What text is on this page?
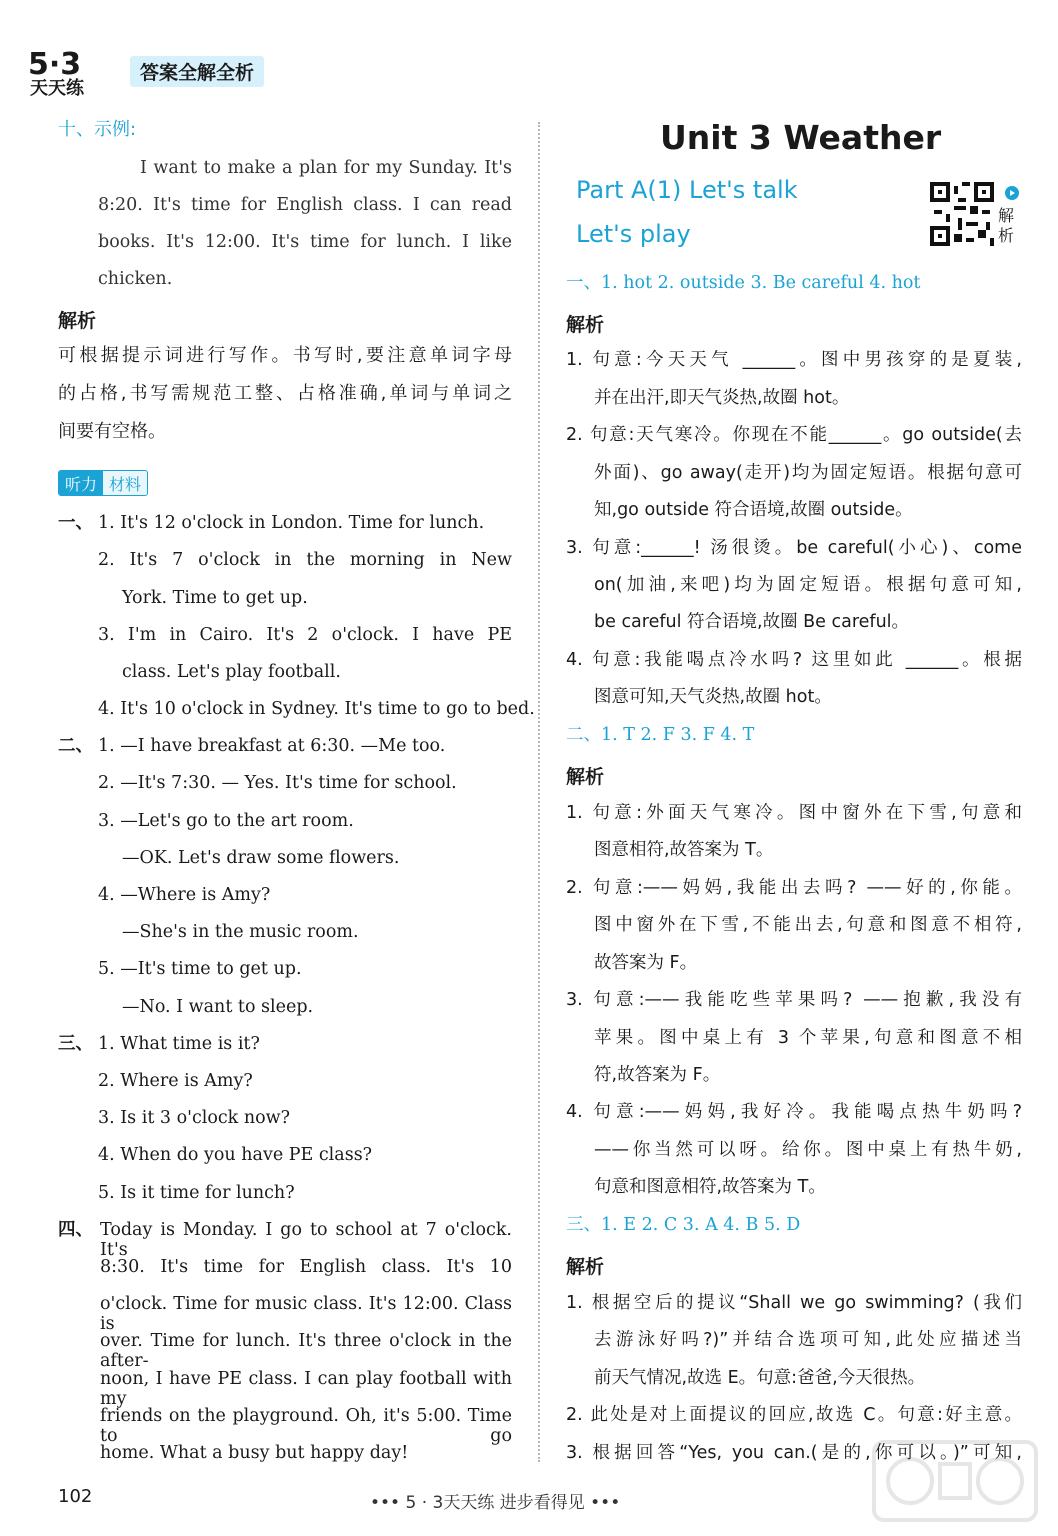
5·3
天天练
答案全解全析
十、示例:
I want to make a plan for my Sunday. It's
8:20. It's time for English class. I can read
books. It's 12:00. It's time for lunch. I like
chicken.
解析
可根据提示词进行写作。书写时,要注意单词字母
的占格,书写需规范工整、占格准确,单词与单词之
间要有空格。
听力 材料
一、 1. It's 12 o'clock in London. Time for lunch.
2. It's 7 o'clock in the morning in New
York. Time to get up.
3. I'm in Cairo. It's 2 o'clock. I have PE
class. Let's play football.
4. It's 10 o'clock in Sydney. It's time to go to bed.
二、 1. —I have breakfast at 6:30. —Me too.
2. —It's 7:30. — Yes. It's time for school.
3. —Let's go to the art room.
—OK. Let's draw some flowers.
4. —Where is Amy?
—She's in the music room.
5. —It's time to get up.
—No. I want to sleep.
三、 1. What time is it?
2. Where is Amy?
3. Is it 3 o'clock now?
4. When do you have PE class?
5. Is it time for lunch?
四、 Today is Monday. I go to school at 7 o'clock. It's
8:30. It's time for English class. It's 10
o'clock. Time for music class. It's 12:00. Class is
over. Time for lunch. It's three o'clock in the after-
noon, I have PE class. I can play football with my
friends on the playground. Oh, it's 5:00. Time to go
home. What a busy but happy day!
Unit 3 Weather
Part A(1) Let's talk
Let's play
解析
一、1. hot 2. outside 3. Be careful 4. hot
解析
1. 句意:今天天气 ______。图中男孩穿的是夏装,
并在出汗,即天气炎热,故圈 hot。
2. 句意:天气寒冷。你现在不能______。go outside(去
外面)、go away(走开)均为固定短语。根据句意可
知,go outside 符合语境,故圈 outside。
3. 句意:______! 汤很烫。be careful(小心)、come
on(加油,来吧)均为固定短语。根据句意可知,
be careful 符合语境,故圈 Be careful。
4. 句意:我能喝点冷水吗? 这里如此 ______。根据
图意可知,天气炎热,故圈 hot。
二、1. T 2. F 3. F 4. T
解析
1. 句意:外面天气寒冷。图中窗外在下雪,句意和
图意相符,故答案为 T。
2. 句意:——妈妈,我能出去吗? ——好的,你能。
图中窗外在下雪,不能出去,句意和图意不相符,
故答案为 F。
3. 句意:——我能吃些苹果吗? ——抱歉,我没有
苹果。图中桌上有 3 个苹果,句意和图意不相
符,故答案为 F。
4. 句意:——妈妈,我好冷。我能喝点热牛奶吗?
——你当然可以呀。给你。图中桌上有热牛奶,
句意和图意相符,故答案为 T。
三、1. E 2. C 3. A 4. B 5. D
解析
1. 根据空后的提议“Shall we go swimming? (我们
去游泳好吗?)”并结合选项可知,此处应描述当
前天气情况,故选 E。句意:爸爸,今天很热。
2. 此处是对上面提议的回应,故选 C。句意:好主意。
3. 根据回答“Yes, you can.(是的,你可以。)”可知,
102	••• 5 · 3天天练 进步看得见 •••
